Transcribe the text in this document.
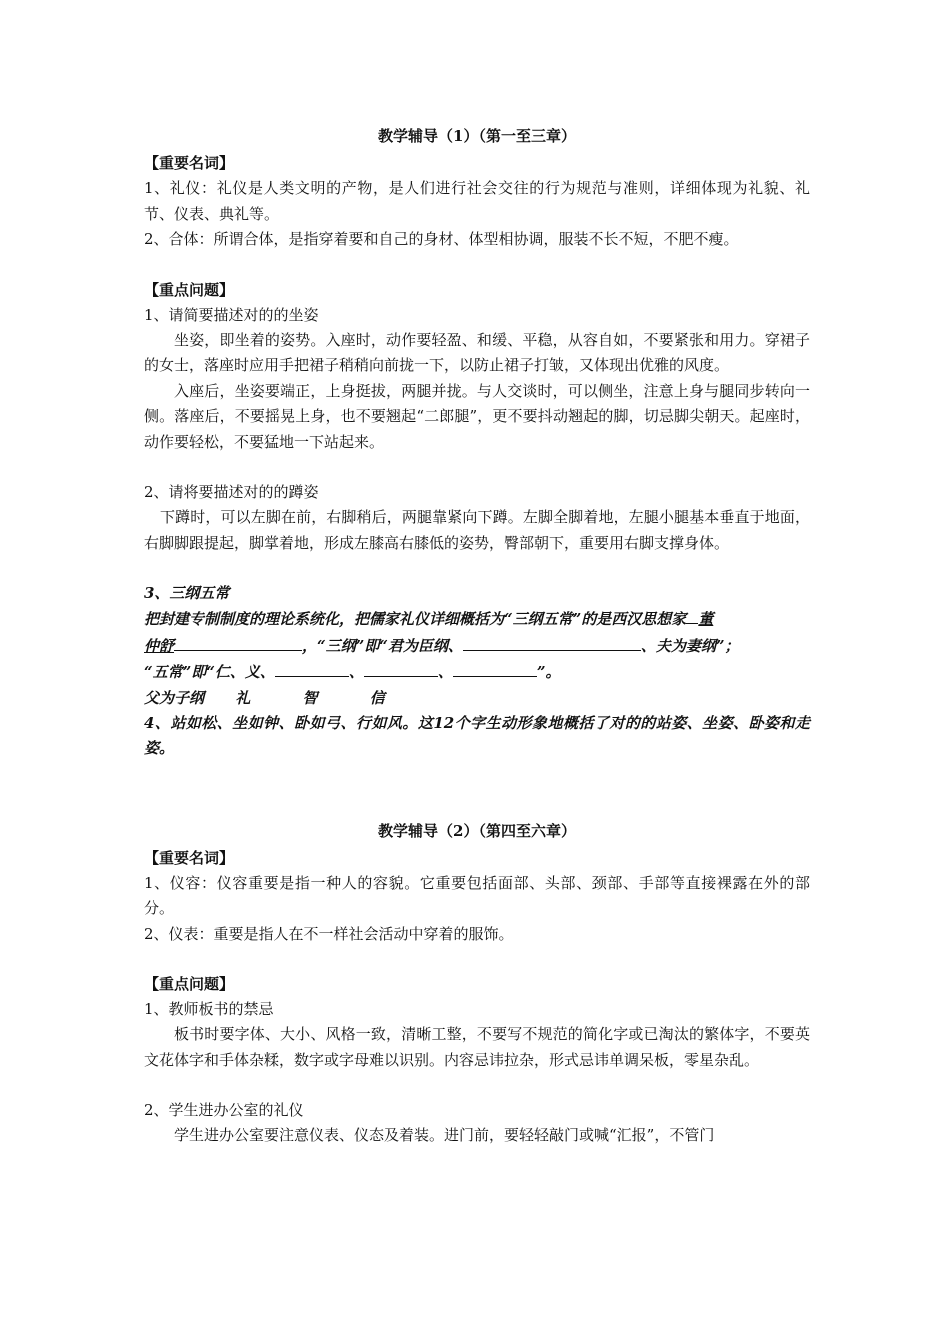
教学辅导（1）（第一至三章）
【重要名词】
1、礼仪：礼仪是人类文明的产物，是人们进行社会交往的行为规范与准则，详细体现为礼貌、礼节、仪表、典礼等。
2、合体：所谓合体，是指穿着要和自己的身材、体型相协调，服装不长不短，不肥不瘦。
【重点问题】
1、请简要描述对的的坐姿
坐姿，即坐着的姿势。入座时，动作要轻盈、和缓、平稳，从容自如，不要紧张和用力。穿裙子的女士，落座时应用手把裙子稍稍向前拢一下，以防止裙子打皱，又体现出优雅的风度。
入座后，坐姿要端正，上身挺拔，两腿并拢。与人交谈时，可以侧坐，注意上身与腿同步转向一侧。落座后，不要摇晃上身，也不要翘起“二郎腿”，更不要抖动翘起的脚，切忌脚尖朝天。起座时，动作要轻松，不要猛地一下站起来。
2、请将要描述对的的蹲姿
下蹲时，可以左脚在前，右脚稍后，两腿靠紧向下蹲。左脚全脚着地，左腿小腿基本垂直于地面，右脚脚跟提起，脚掌着地，形成左膝高右膝低的姿势，臀部朝下，重要用右脚支撑身体。
3、三纲五常
把封建专制制度的理论系统化，把儒家礼仪详细概括为“三纲五常”的是西汉思想家 董
仲舒	，“三纲”即“君为臣纲、	、夫为妻纲”；
“五常”即“仁、义、	、	、	”。
父为子纲      礼          智          信
4、站如松、坐如钟、卧如弓、行如风。这12个字生动形象地概括了对的的站姿、坐姿、卧姿和走姿。
教学辅导（2）（第四至六章）
【重要名词】
1、仪容：仪容重要是指一种人的容貌。它重要包括面部、头部、颈部、手部等直接裸露在外的部分。
2、仪表：重要是指人在不一样社会活动中穿着的服饰。
【重点问题】
1、教师板书的禁忌
板书时要字体、大小、风格一致，清晰工整，不要写不规范的简化字或已淘汰的繁体字，不要英文花体字和手体杂糅，数字或字母难以识别。内容忌讳拉杂，形式忌讳单调呆板，零星杂乱。
2、学生进办公室的礼仪
学生进办公室要注意仪表、仪态及着装。进门前，要轻轻敲门或喊“汇报”，不管门
